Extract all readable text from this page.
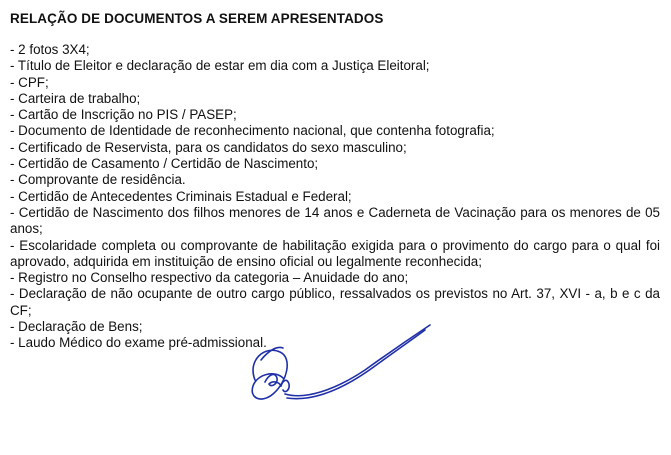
RELAÇÃO DE DOCUMENTOS A SEREM APRESENTADOS
- 2 fotos 3X4;
- Título de Eleitor e declaração de estar em dia com a Justiça Eleitoral;
- CPF;
- Carteira de trabalho;
- Cartão de Inscrição no PIS / PASEP;
- Documento de Identidade de reconhecimento nacional, que contenha fotografia;
- Certificado de Reservista, para os candidatos do sexo masculino;
- Certidão de Casamento / Certidão de Nascimento;
- Comprovante de residência.
- Certidão de Antecedentes Criminais Estadual e Federal;
- Certidão de Nascimento dos filhos menores de 14 anos e Caderneta de Vacinação para os menores de 05 anos;
- Escolaridade completa ou comprovante de habilitação exigida para o provimento do cargo para o qual foi aprovado, adquirida em instituição de ensino oficial ou legalmente reconhecida;
- Registro no Conselho respectivo da categoria – Anuidade do ano;
- Declaração de não ocupante de outro cargo público, ressalvados os previstos no Art. 37, XVI - a, b e c da CF;
- Declaração de Bens;
- Laudo Médico do exame pré-admissional.
